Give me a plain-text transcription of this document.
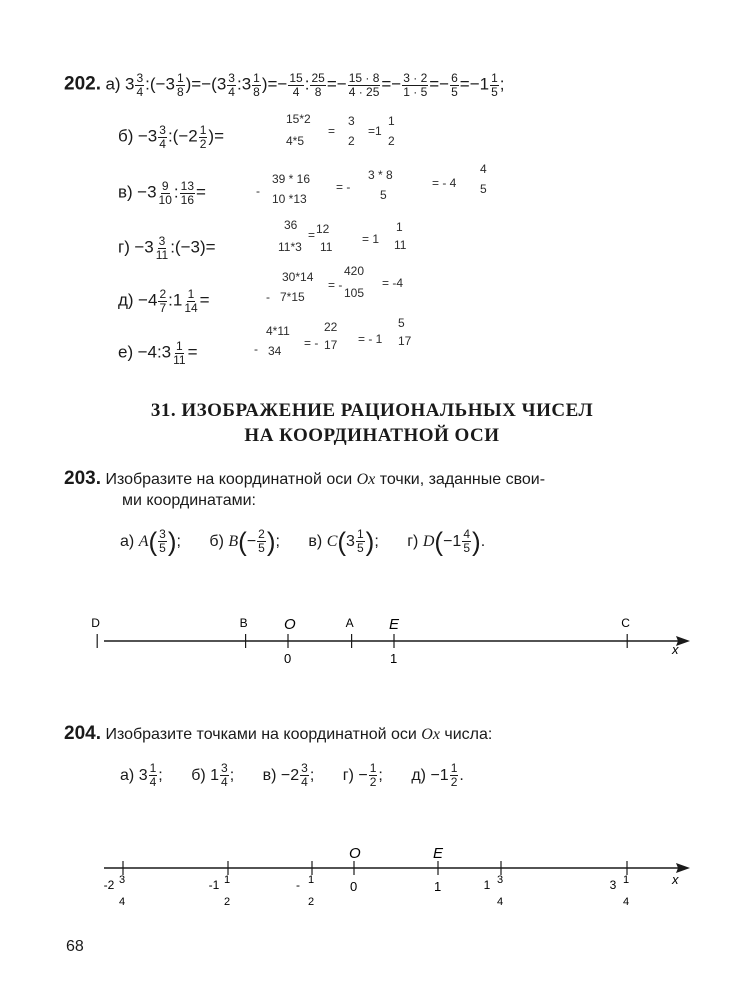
202. а) $3 \frac{3}{4}$ :(−3 $\frac{1}{8} )=-(3 \frac{3}{4}$ :3 $\frac{1}{8}$ )=− $\frac{15}{4}$ : $\frac{25}{8} =- \frac{15 \cdot 8}{4 \cdot 25} =- \frac{3 \cdot 2}{1 \cdot 5} =- \frac{6}{5} =-1 \frac{1}{5}$ ;
$б) -3 \frac{3}{4}$ :(−2 $\frac{1}{2}$ )=
15*2
4*5
=
3
2
=1
1
2
$в) -3 \frac{9}{10}$ : $\frac{13}{16}$ =	-
39 * 16
10 *13
= -
3 * 8
5
= - 4
4
5
$г) -3 \frac{3}{11}$ :(−3)=
36
11*3
= 12
11
= 1
1
11
$д) -4 \frac{2}{7}$ :1 $\frac{1}{14}$ =	-
30*14
7*15
= -
420
105
= -4
е) −4:3 $\frac{1}{11}$ =	-
4*11
34
= -
22
17 = - 1
5
17
31. ИЗОБРАЖЕНИЕ РАЦИОНАЛЬНЫХ ЧИСЕЛ
НА КООРДИНАТНОЙ ОСИ
203. Изобразите на координатной оси Ox точки, заданные свои-
ми координатами:
а) $A( \frac{3}{5}$ ); б) $B(- \frac{2}{5}$ ); в) $C(3 \frac{1}{5}$ ); г) $D(-1 \frac{4}{5}$ ).
x
D	B	A	C
O
0
E
1
204. Изобразите точками на координатной оси Ox числа:
а) $3 \frac{1}{4}$ ; б) $1 \frac{3}{4}$ ; $в) -2 \frac{3}{4}$ ; $г) - \frac{1}{2}$ ; $д) -1 \frac{1}{2}$ .
x
-2 3
4
-1 1
2
- 1
2
1 3
4
3 1
4
O
0
E
1
68
